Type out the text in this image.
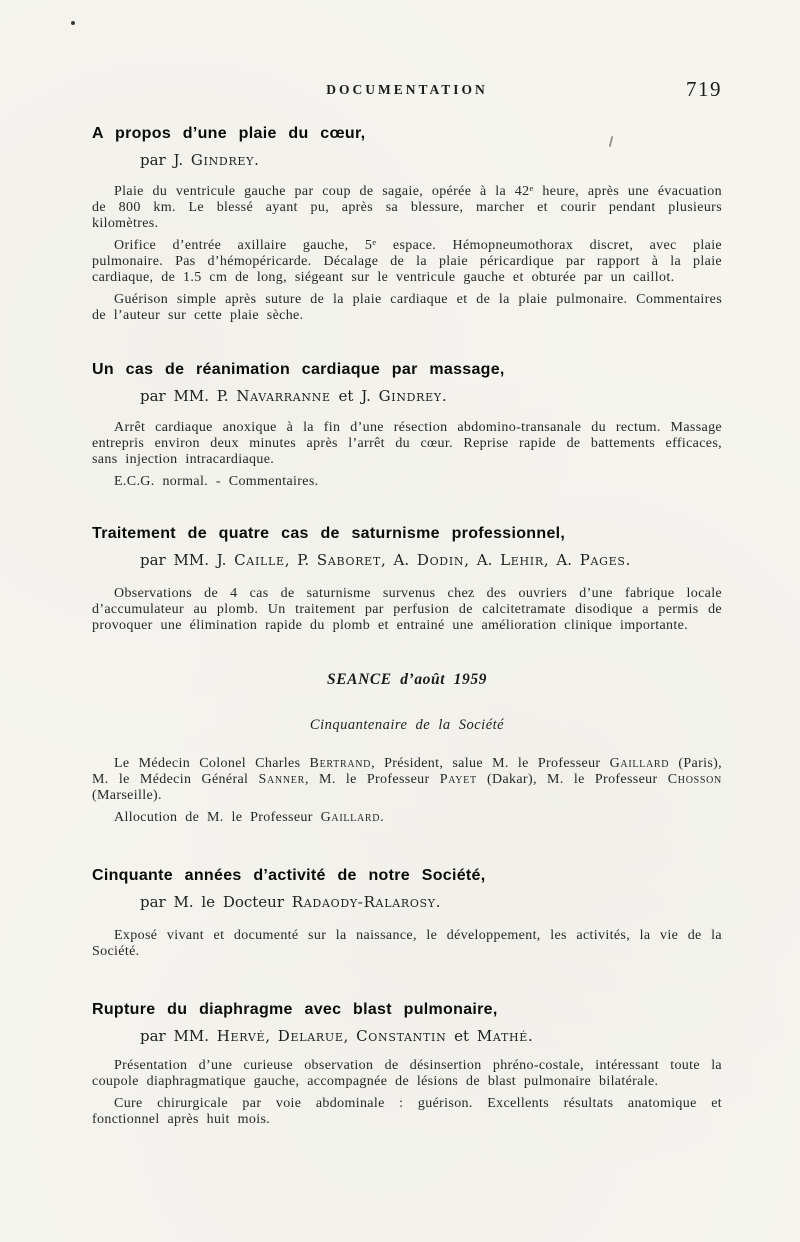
DOCUMENTATION	719
A propos d’une plaie du cœur,

par J. Gindrey.

Plaie du ventricule gauche par coup de sagaie, opérée à la 42e heure, après une évacuation de 800 km. Le blessé ayant pu, après sa blessure, marcher et courir pendant plusieurs kilomètres.

Orifice d’entrée axillaire gauche, 5e espace. Hémopneumothorax discret, avec plaie pulmonaire. Pas d’hémopéricarde. Décalage de la plaie péricardique par rapport à la plaie cardiaque, de 1.5 cm de long, siégeant sur le ventricule gauche et obturée par un caillot.

Guérison simple après suture de la plaie cardiaque et de la plaie pulmonaire. Commentaires de l’auteur sur cette plaie sèche.

Un cas de réanimation cardiaque par massage,

par MM. P. Navarranne et J. Gindrey.

Arrêt cardiaque anoxique à la fin d’une résection abdomino-transanale du rectum. Massage entrepris environ deux minutes après l’arrêt du cœur. Reprise rapide de battements efficaces, sans injection intracardiaque.

E.C.G. normal. - Commentaires.

Traitement de quatre cas de saturnisme professionnel,

par MM. J. Caille, P. Saboret, A. Dodin, A. Lehir, A. Pages.

Observations de 4 cas de saturnisme survenus chez des ouvriers d’une fabrique locale d’accumulateur au plomb. Un traitement par perfusion de calcitetramate disodique a permis de provoquer une élimination rapide du plomb et entrainé une amélioration clinique importante.

SEANCE d’août 1959
Cinquantenaire de la Société

Le Médecin Colonel Charles Bertrand, Président, salue M. le Professeur Gaillard (Paris), M. le Médecin Général Sanner, M. le Professeur Payet (Dakar), M. le Professeur Chosson (Marseille).

Allocution de M. le Professeur Gaillard.

Cinquante années d’activité de notre Société,

par M. le Docteur Radaody-Ralarosy.

Exposé vivant et documenté sur la naissance, le développement, les activités, la vie de la Société.

Rupture du diaphragme avec blast pulmonaire,

par MM. Hervé, Delarue, Constantin et Mathé.

Présentation d’une curieuse observation de désinsertion phréno-costale, intéressant toute la coupole diaphragmatique gauche, accompagnée de lésions de blast pulmonaire bilatérale.

Cure chirurgicale par voie abdominale : guérison. Excellents résultats anatomique et fonctionnel après huit mois.
